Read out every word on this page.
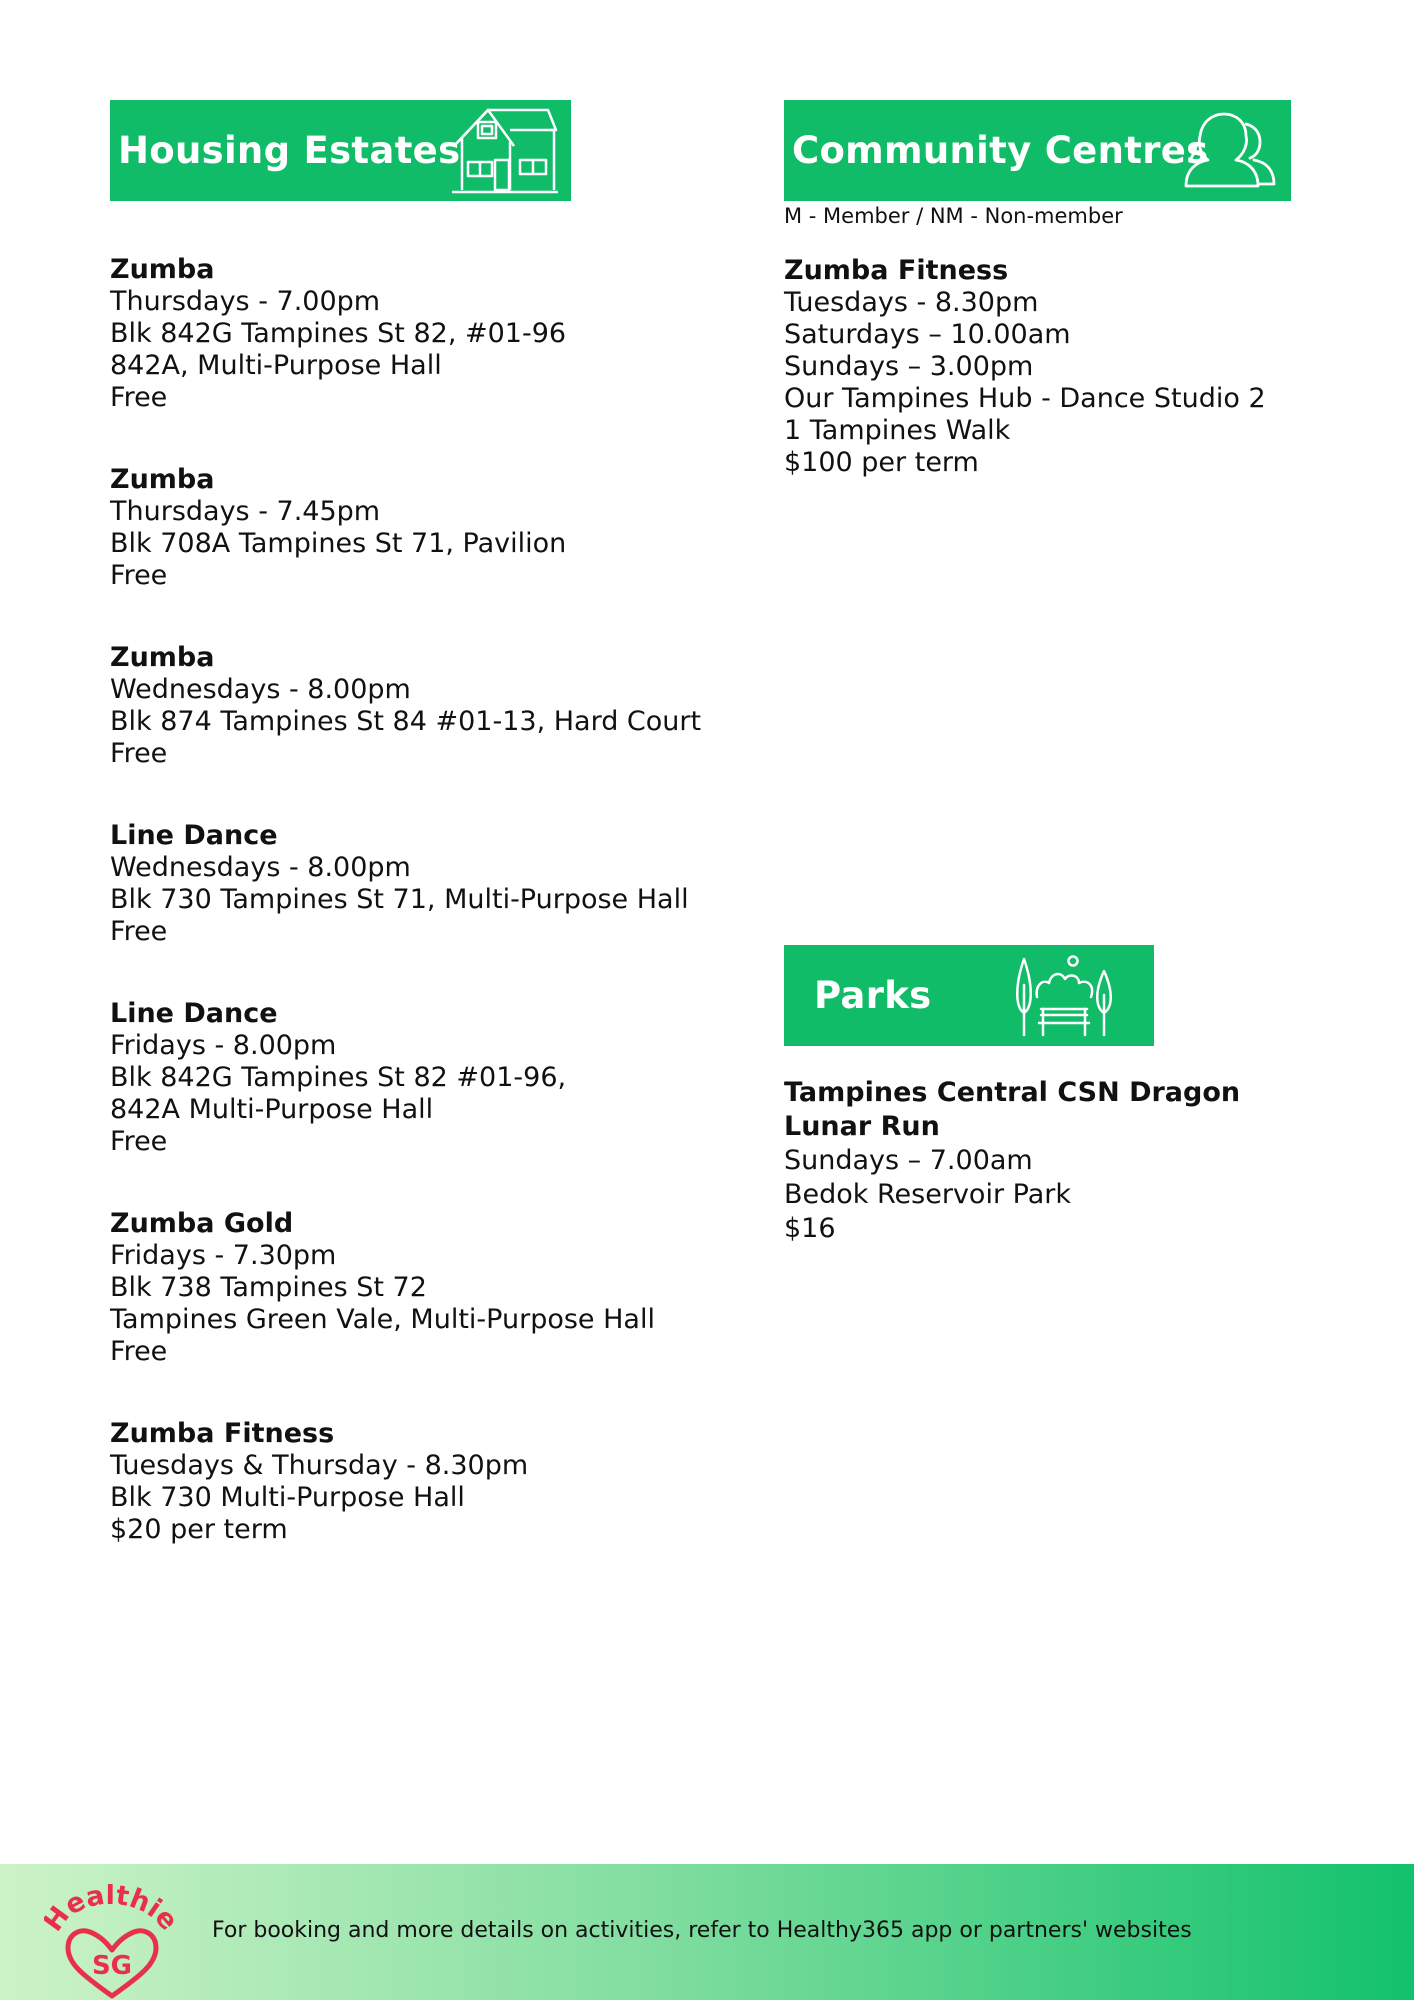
Housing Estates
Zumba
Thursdays - 7.00pm
Blk 842G Tampines St 82, #01-96
842A, Multi-Purpose Hall
Free
Zumba
Thursdays - 7.45pm
Blk 708A Tampines St 71, Pavilion
Free
Zumba
Wednesdays - 8.00pm
Blk 874 Tampines St 84 #01-13, Hard Court
Free
Line Dance
Wednesdays - 8.00pm
Blk 730 Tampines St 71, Multi-Purpose Hall
Free
Line Dance
Fridays - 8.00pm
Blk 842G Tampines St 82 #01-96,
842A Multi-Purpose Hall
Free
Zumba Gold
Fridays - 7.30pm
Blk 738 Tampines St 72
Tampines Green Vale, Multi-Purpose Hall
Free
Zumba Fitness
Tuesdays & Thursday - 8.30pm
Blk 730 Multi-Purpose Hall
$20 per term
Community Centres
M - Member / NM - Non-member
Zumba Fitness
Tuesdays - 8.30pm
Saturdays – 10.00am
Sundays – 3.00pm
Our Tampines Hub - Dance Studio 2
1 Tampines Walk
$100 per term
Parks
Tampines Central CSN Dragon Lunar Run
Sundays – 7.00am
Bedok Reservoir Park
$16
ealthie
SG
For booking and more details on activities, refer to Healthy365 app or partners' websites
